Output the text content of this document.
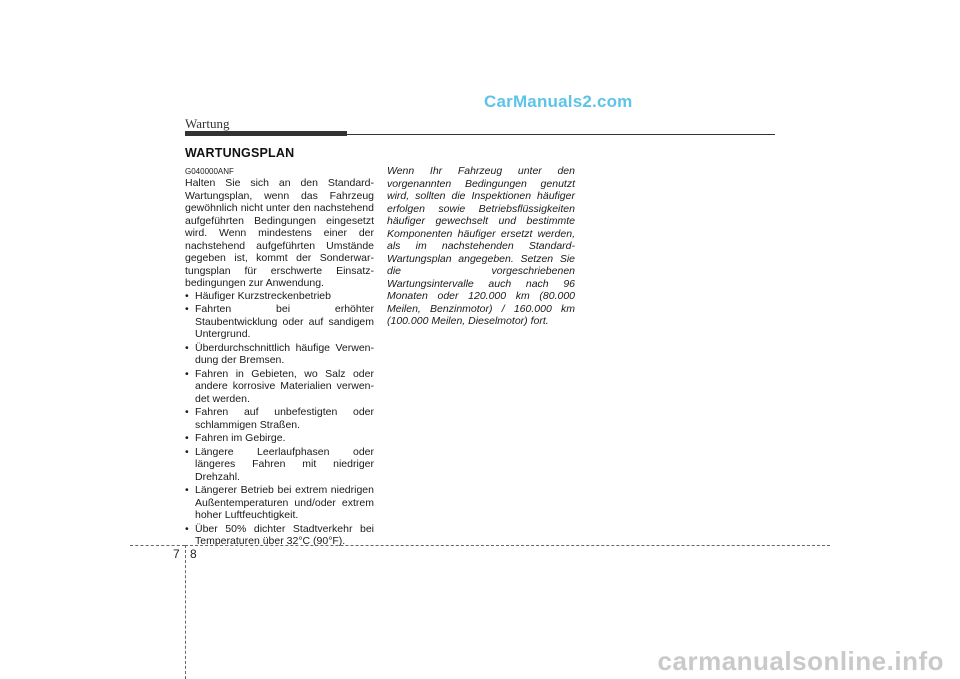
CarManuals2.com
Wartung
WARTUNGSPLAN
G040000ANF

Halten Sie sich an den Standard-Wartungsplan, wenn das Fahrzeug gewöhnlich nicht unter den nachstehend aufgeführten Bedingungen eingesetzt wird. Wenn mindestens einer der nachstehend aufgeführten Umstände gegeben ist, kommt der Sonderwar-tungsplan für erschwerte Einsatz-bedingungen zur Anwendung.

• Häufiger Kurzstreckenbetrieb
• Fahrten bei erhöhter Staubentwicklung oder auf sandigem Untergrund.
• Überdurchschnittlich häufige Verwen-dung der Bremsen.
• Fahren in Gebieten, wo Salz oder andere korrosive Materialien verwen-det werden.
• Fahren auf unbefestigten oder schlammigen Straßen.
• Fahren im Gebirge.
• Längere Leerlaufphasen oder längeres Fahren mit niedriger Drehzahl.
• Längerer Betrieb bei extrem niedrigen Außentemperaturen und/oder extrem hoher Luftfeuchtigkeit.
• Über 50% dichter Stadtverkehr bei Temperaturen über 32°C (90°F).
Wenn Ihr Fahrzeug unter den vorgenannten Bedingungen genutzt wird, sollten die Inspektionen häufiger erfolgen sowie Betriebsflüssigkeiten häufiger gewechselt und bestimmte Komponenten häufiger ersetzt werden, als im nachstehenden Standard-Wartungsplan angegeben. Setzen Sie die vorgeschriebenen Wartungsintervalle auch nach 96 Monaten oder 120.000 km (80.000 Meilen, Benzinmotor) / 160.000 km (100.000 Meilen, Dieselmotor) fort.
7 8
carmanualsonline.info
